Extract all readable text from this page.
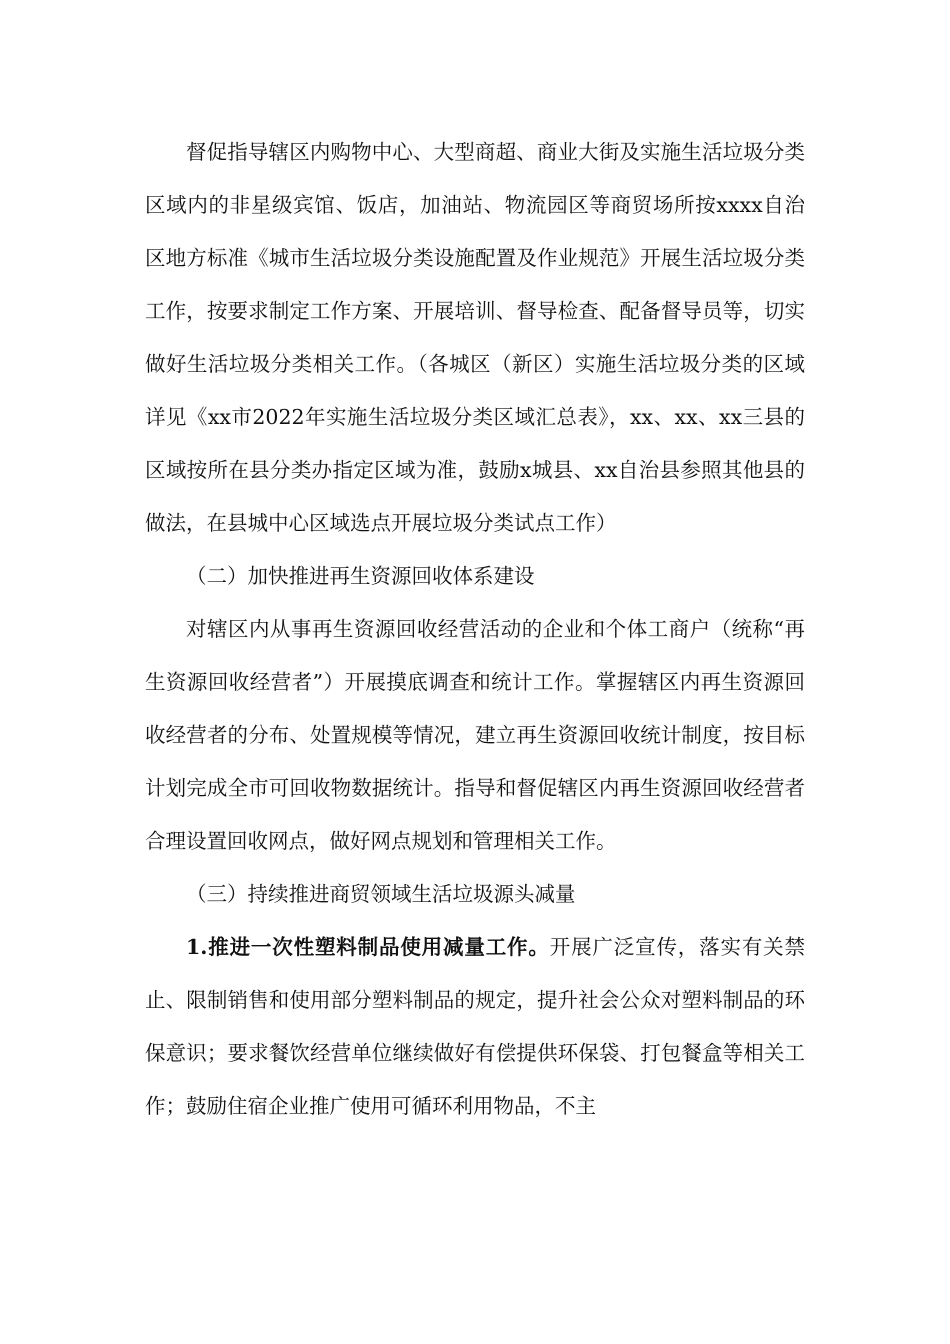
督促指导辖区内购物中心、大型商超、商业大街及实施生活垃圾分类区域内的非星级宾馆、饭店，加油站、物流园区等商贸场所按xxxx自治区地方标准《城市生活垃圾分类设施配置及作业规范》开展生活垃圾分类工作，按要求制定工作方案、开展培训、督导检查、配备督导员等，切实做好生活垃圾分类相关工作。（各城区（新区）实施生活垃圾分类的区域详见《xx市2022年实施生活垃圾分类区域汇总表》，xx、xx、xx三县的区域按所在县分类办指定区域为准，鼓励x城县、xx自治县参照其他县的做法，在县城中心区域选点开展垃圾分类试点工作）

（二）加快推进再生资源回收体系建设

对辖区内从事再生资源回收经营活动的企业和个体工商户（统称“再生资源回收经营者”）开展摸底调查和统计工作。掌握辖区内再生资源回收经营者的分布、处置规模等情况，建立再生资源回收统计制度，按目标计划完成全市可回收物数据统计。指导和督促辖区内再生资源回收经营者合理设置回收网点，做好网点规划和管理相关工作。

（三）持续推进商贸领域生活垃圾源头减量

1.推进一次性塑料制品使用减量工作。开展广泛宣传，落实有关禁止、限制销售和使用部分塑料制品的规定，提升社会公众对塑料制品的环保意识；要求餐饮经营单位继续做好有偿提供环保袋、打包餐盒等相关工作；鼓励住宿企业推广使用可循环利用物品，不主
